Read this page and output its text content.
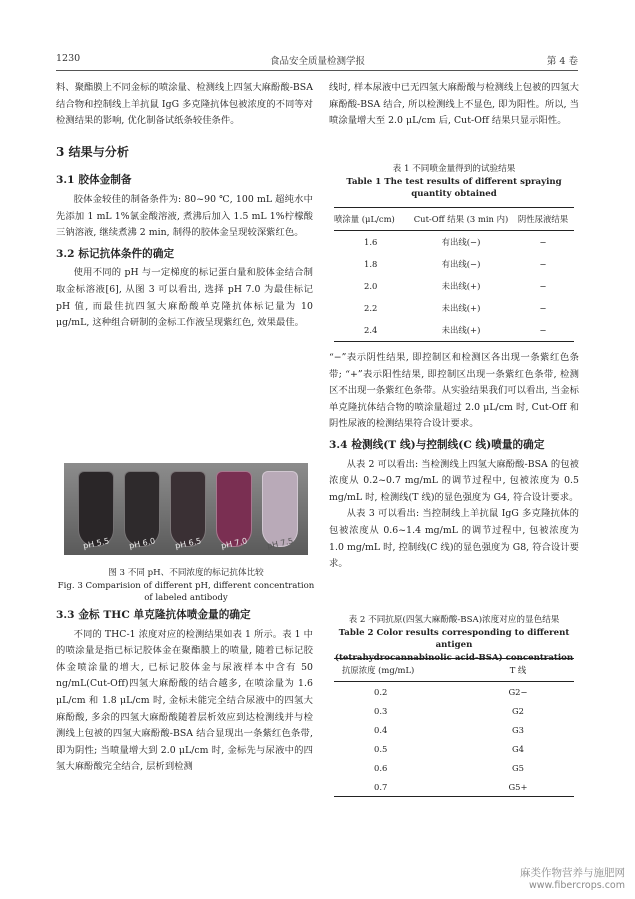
1230	食品安全质量检测学报	第 4 卷

料、聚酯膜上不同金标的喷涂量、检测线上四氢大麻酚酸-BSA 结合物和控制线上羊抗鼠 IgG 多克隆抗体包被浓度的不同等对检测结果的影响, 优化制备试纸条较佳条件。

3 结果与分析

3.1 胶体金制备

胶体金较佳的制备条件为: 80~90 ℃, 100 mL 超纯水中先添加 1 mL 1%氯金酸溶液, 煮沸后加入 1.5 mL 1%柠檬酸三钠溶液, 继续煮沸 2 min, 制得的胶体金呈现较深紫红色。

3.2 标记抗体条件的确定

使用不同的 pH 与一定梯度的标记蛋白量和胶体金结合制取金标溶液[6], 从图 3 可以看出, 选择 pH 7.0 为最佳标记 pH 值, 而最佳抗四氢大麻酚酸单克隆抗体标记量为 10 μg/mL, 这种组合研制的金标工作液呈现紫红色, 效果最佳。

pH 5.5 pH 6.0 pH 6.5 pH 7.0 pH 7.5
图 3 不同 pH、不同浓度的标记抗体比较
Fig. 3 Comparision of different pH, different concentration
of labeled antibody

3.3 金标 THC 单克隆抗体喷金量的确定

不同的 THC-1 浓度对应的检测结果如表 1 所示。表 1 中的喷涂量是指已标记胶体金在聚酯膜上的喷量, 随着已标记胶体金喷涂量的增大, 已标记胶体金与尿液样本中含有 50 ng/mL(Cut-Off)四氢大麻酚酸的结合越多, 在喷涂量为 1.6 μL/cm 和 1.8 μL/cm 时, 金标未能完全结合尿液中的四氢大麻酚酸, 多余的四氢大麻酚酸随着层析效应到达检测线并与检测线上包被的四氢大麻酚酸-BSA 结合显现出一条紫红色条带, 即为阴性; 当喷量增大到 2.0 μL/cm 时, 金标先与尿液中的四氢大麻酚酸完全结合, 层析到检测

线时, 样本尿液中已无四氢大麻酚酸与检测线上包被的四氢大麻酚酸-BSA 结合, 所以检测线上不显色, 即为阳性。所以, 当喷涂量增大至 2.0 μL/cm 后, Cut-Off 结果只显示阳性。

表 1 不同喷金量得到的试验结果
Table 1 The test results of different spraying
quantity obtained
喷涂量 (μL/cm)	Cut-Off 结果 (3 min 内)	阴性尿液结果
1.6	有出线(−)	−
1.8	有出线(−)	−
2.0	未出线(+)	−
2.2	未出线(+)	−
2.4	未出线(+)	−

“−”表示阴性结果, 即控制区和检测区各出现一条紫红色条带; “+”表示阳性结果, 即控制区出现一条紫红色条带, 检测区不出现一条紫红色条带。从实验结果我们可以看出, 当金标单克隆抗体结合物的喷涂量超过 2.0 μL/cm 时, Cut-Off 和阴性尿液的检测结果符合设计要求。

3.4 检测线(T 线)与控制线(C 线)喷量的确定

从表 2 可以看出: 当检测线上四氢大麻酚酸-BSA 的包被浓度从 0.2~0.7 mg/mL 的调节过程中, 包被浓度为 0.5 mg/mL 时, 检测线(T 线)的显色强度为 G4, 符合设计要求。

从表 3 可以看出: 当控制线上羊抗鼠 IgG 多克隆抗体的包被浓度从 0.6~1.4 mg/mL 的调节过程中, 包被浓度为 1.0 mg/mL 时, 控制线(C 线)的显色强度为 G8, 符合设计要求。

表 2 不同抗原(四氢大麻酚酸-BSA)浓度对应的显色结果
Table 2 Color results corresponding to different antigen
(tetrahydrocannabinolic acid-BSA) concentration
抗原浓度 (mg/mL)	T 线
0.2	G2−
0.3	G2
0.4	G3
0.5	G4
0.6	G5
0.7	G5+
麻类作物营养与施肥网
www.fibercrops.com
